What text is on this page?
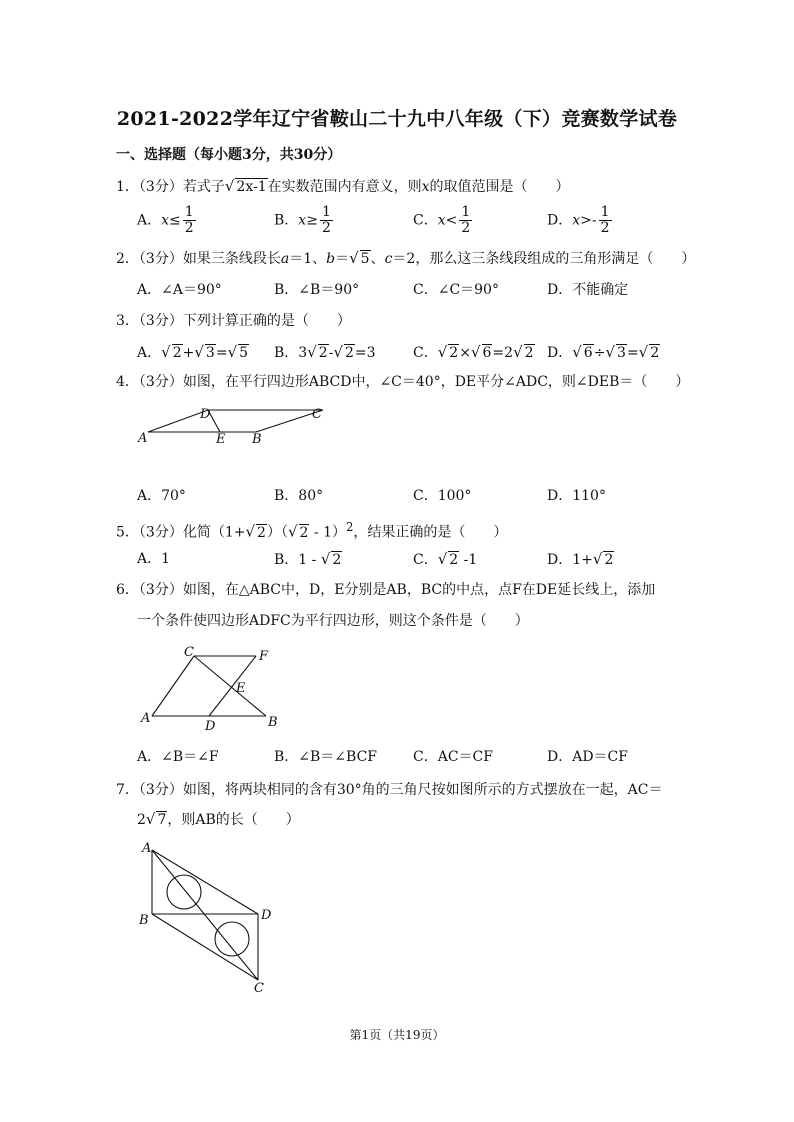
2021-2022学年辽宁省鞍山二十九中八年级（下）竞赛数学试卷
一、选择题（每小题3分，共30分）
1．（3分）若式子√ 2x-1在实数范围内有意义，则x的取值范围是（　　）
A．$x\le \frac{1}{2}$	B．$x\ge \frac{1}{2}$	C．$x< \frac{1}{2}$	D．$x>- \frac{1}{2}$
2．（3分）如果三条线段长a＝1、b＝√ 5、c＝2，那么这三条线段组成的三角形满足（　　）
A．∠A＝90°	B．∠B＝90°	C．∠C＝90°	D．不能确定
3．（3分）下列计算正确的是（　　）
A．√ 2+√ 3=√ 5 B．3√ 2-√ 2=3	C．√ 2×√ 6=2√ 2 D．√ 6÷√ 3=√ 2
4．（3分）如图，在平行四边形ABCD中，∠C＝40°，DE平分∠ADC，则∠DEB＝（　　）
D	C
A	E B
A．70°	B．80°	C．100°	D．110°
5．（3分）化简（1+√ 2）（√ 2 - 1）$^2$，结果正确的是（　　）
A．1	B．1 - √ 2	C．√ 2 -1	D．1+√ 2
6．（3分）如图，在△ABC中，D，E分别是AB，BC的中点，点F在DE延长线上，添加
一个条件使四边形ADFC为平行四边形，则这个条件是（　　）
C	F
E
A
D	B
A．∠B＝∠F	B．∠B＝∠BCF	C．AC＝CF	D．AD＝CF
7．（3分）如图，将两块相同的含有30°角的三角尺按如图所示的方式摆放在一起，AC＝
2√ 7，则AB的长（　　）
A
B	D
C
第1页（共19页）
